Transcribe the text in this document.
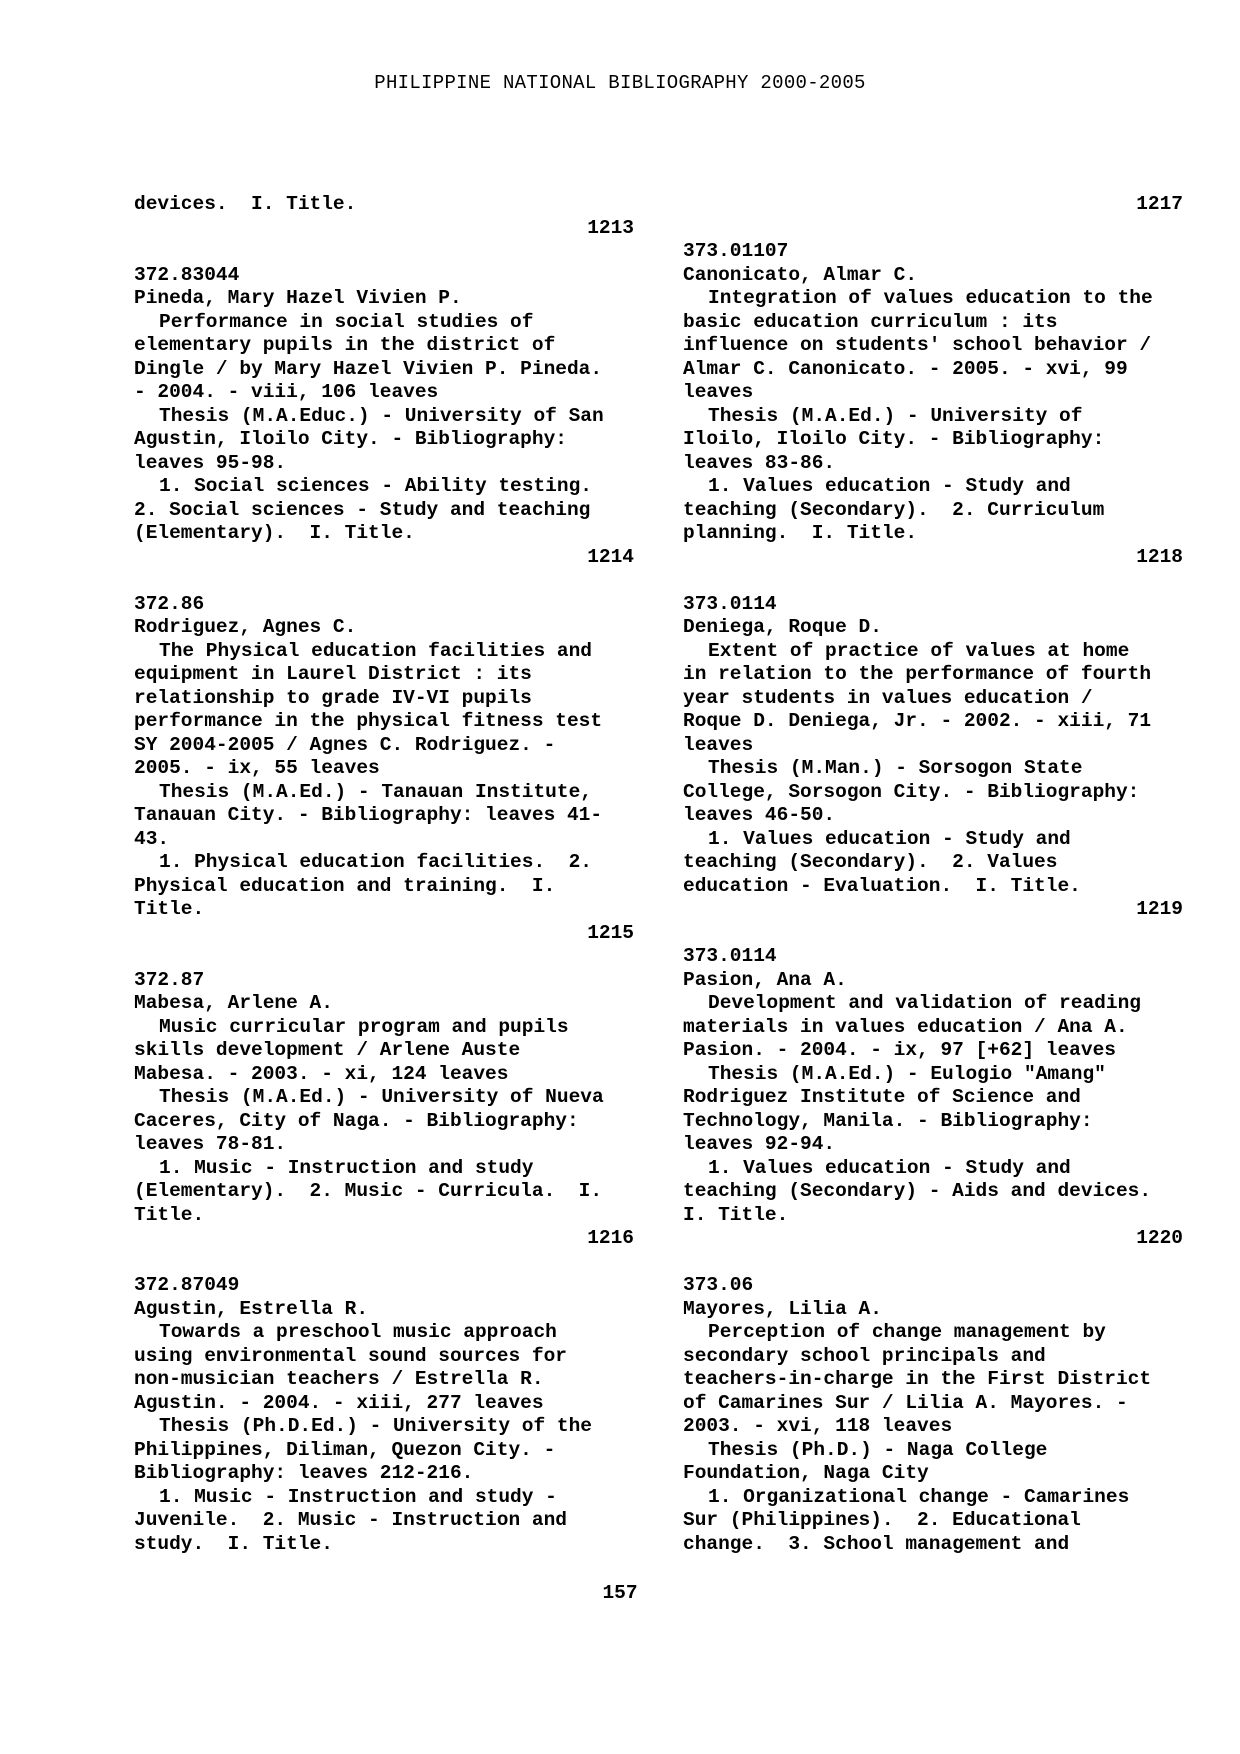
PHILIPPINE NATIONAL BIBLIOGRAPHY 2000-2005
devices.  I. Title.
1213
372.83044
Pineda, Mary Hazel Vivien P.
Performance in social studies of
elementary pupils in the district of
Dingle / by Mary Hazel Vivien P. Pineda.
- 2004. - viii, 106 leaves
Thesis (M.A.Educ.) - University of San
Agustin, Iloilo City. - Bibliography:
leaves 95-98.
1. Social sciences - Ability testing.
2. Social sciences - Study and teaching
(Elementary).  I. Title.
1214
372.86
Rodriguez, Agnes C.
The Physical education facilities and
equipment in Laurel District : its
relationship to grade IV-VI pupils
performance in the physical fitness test
SY 2004-2005 / Agnes C. Rodriguez. -
2005. - ix, 55 leaves
Thesis (M.A.Ed.) - Tanauan Institute,
Tanauan City. - Bibliography: leaves 41-
43.
1. Physical education facilities.  2.
Physical education and training.  I.
Title.
1215
372.87
Mabesa, Arlene A.
Music curricular program and pupils
skills development / Arlene Auste
Mabesa. - 2003. - xi, 124 leaves
Thesis (M.A.Ed.) - University of Nueva
Caceres, City of Naga. - Bibliography:
leaves 78-81.
1. Music - Instruction and study
(Elementary).  2. Music - Curricula.  I.
Title.
1216
372.87049
Agustin, Estrella R.
Towards a preschool music approach
using environmental sound sources for
non-musician teachers / Estrella R.
Agustin. - 2004. - xiii, 277 leaves
Thesis (Ph.D.Ed.) - University of the
Philippines, Diliman, Quezon City. -
Bibliography: leaves 212-216.
1. Music - Instruction and study -
Juvenile.  2. Music - Instruction and
study.  I. Title.
1217
373.01107
Canonicato, Almar C.
Integration of values education to the
basic education curriculum : its
influence on students' school behavior /
Almar C. Canonicato. - 2005. - xvi, 99
leaves
Thesis (M.A.Ed.) - University of
Iloilo, Iloilo City. - Bibliography:
leaves 83-86.
1. Values education - Study and
teaching (Secondary).  2. Curriculum
planning.  I. Title.
1218
373.0114
Deniega, Roque D.
Extent of practice of values at home
in relation to the performance of fourth
year students in values education /
Roque D. Deniega, Jr. - 2002. - xiii, 71
leaves
Thesis (M.Man.) - Sorsogon State
College, Sorsogon City. - Bibliography:
leaves 46-50.
1. Values education - Study and
teaching (Secondary).  2. Values
education - Evaluation.  I. Title.
1219
373.0114
Pasion, Ana A.
Development and validation of reading
materials in values education / Ana A.
Pasion. - 2004. - ix, 97 [+62] leaves
Thesis (M.A.Ed.) - Eulogio "Amang"
Rodriguez Institute of Science and
Technology, Manila. - Bibliography:
leaves 92-94.
1. Values education - Study and
teaching (Secondary) - Aids and devices.
I. Title.
1220
373.06
Mayores, Lilia A.
Perception of change management by
secondary school principals and
teachers-in-charge in the First District
of Camarines Sur / Lilia A. Mayores. -
2003. - xvi, 118 leaves
Thesis (Ph.D.) - Naga College
Foundation, Naga City
1. Organizational change - Camarines
Sur (Philippines).  2. Educational
change.  3. School management and
157
